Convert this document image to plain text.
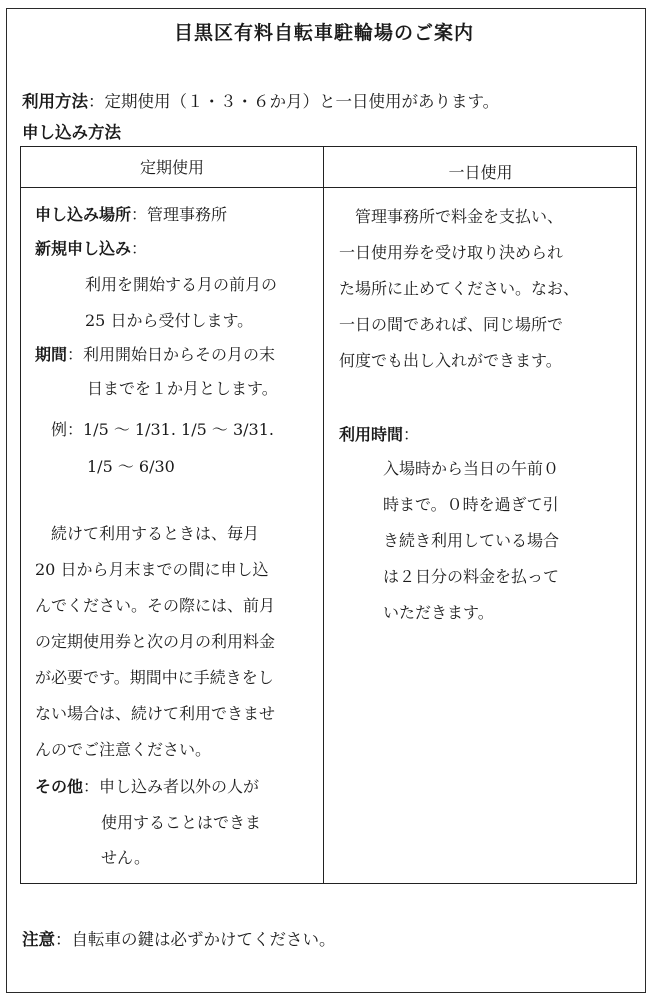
目黒区有料自転車駐輪場のご案内
利用方法：定期使用（１・３・６か月）と一日使用があります。
申し込み方法
定期使用	一日使用
申し込み場所：管理事務所
新規申し込み：
利用を開始する月の前月の
25 日から受付します。
期間：利用開始日からその月の末
日までを１か月とします。
例：1/5 〜 1/31. 1/5 〜 3/31.
1/5 〜 6/30
　続けて利用するときは、毎月
20 日から月末までの間に申し込
んでください。その際には、前月
の定期使用券と次の月の利用料金
が必要です。期間中に手続きをし
ない場合は、続けて利用できませ
んのでご注意ください。
その他：申し込み者以外の人が
使用することはできま
せん。
　管理事務所で料金を支払い、
一日使用券を受け取り決められ
た場所に止めてください。なお、
一日の間であれば、同じ場所で
何度でも出し入れができます。
利用時間：
入場時から当日の午前０
時まで。０時を過ぎて引
き続き利用している場合
は２日分の料金を払って
いただきます。
注意：自転車の鍵は必ずかけてください。
